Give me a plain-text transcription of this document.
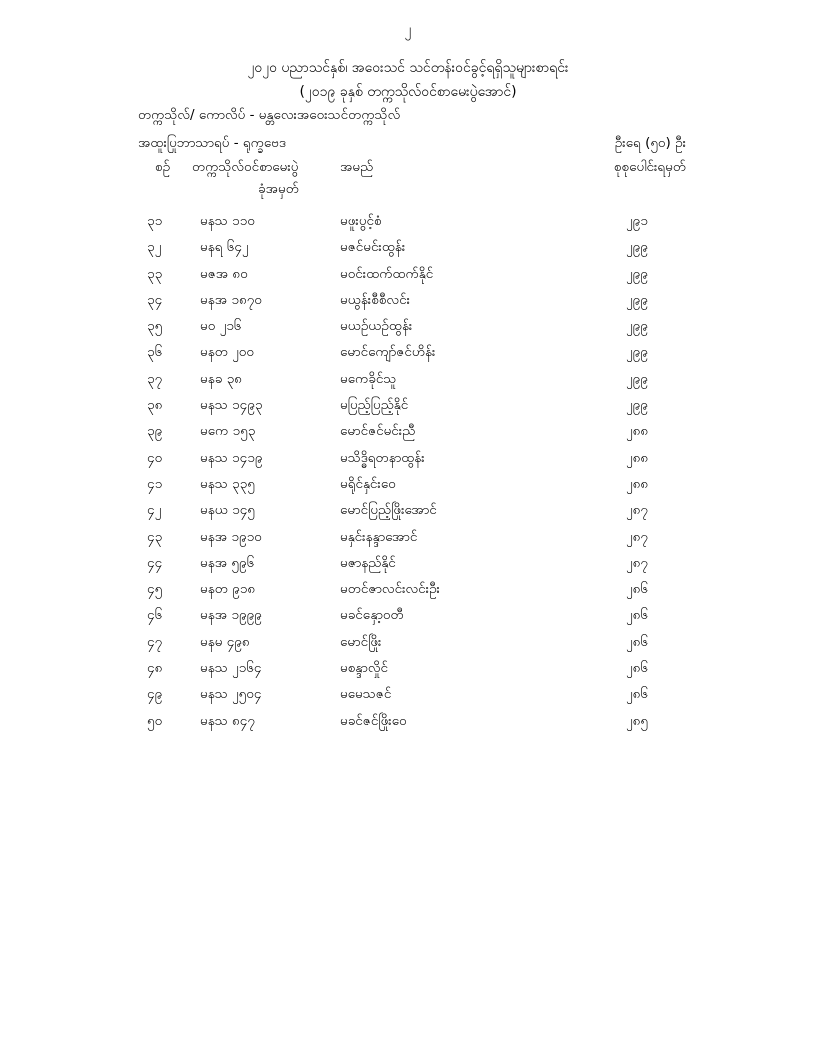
၂
၂၀၂၀ ပညာသင်နှစ်၊ အဝေးသင် သင်တန်းဝင်ခွင့်ရရှိသူများစာရင်း
(၂၀၁၉ ခုနှစ် တက္ကသိုလ်ဝင်စာမေးပွဲအောင်)
တက္ကသိုလ်/ ကောလိပ် - မန္တလေးအဝေးသင်တက္ကသိုလ်
အထူးပြုဘာသာရပ် - ရုက္ခဗေဒ	ဦးရေ (၅၀) ဦး
စဉ် တက္ကသိုလ်ဝင်စာမေးပွဲ
ခုံအမှတ်
အမည်	စုစုပေါင်းရမှတ်
၃၁	မနသ ၁၁၀	မဖူးပွင့်စံ	၂၉၁
၃၂	မနရ ၆၄၂	မဇင်မင်းထွန်း	၂၉၉
၃၃	မဇအ ၈၀	မဝင်းထက်ထက်နိုင်	၂၉၉
၃၄	မနအ ၁၈၇၀	မယွန်းစီစီလင်း	၂၉၉
၃၅	မဝ ၂၁၆	မယဉ်ယဉ်ထွန်း	၂၉၉
၃၆	မနတ ၂၀၀	မောင်ကျော်ဇင်ဟိန်း	၂၉၉
၃၇	မနခ ၃၈	မကေခိုင်သူ	၂၉၉
၃၈	မနသ ၁၄၉၃	မပြည့်ပြည့်နိုင်	၂၉၉
၃၉	မကေ ၁၅၃	မောင်ဇင်မင်းညီ	၂၈၈
၄၀	မနသ ၁၄၁၉	မသိဒ္ဓိရတနာထွန်း	၂၈၈
၄၁	မနသ ၃၃၅	မရိုင်နှင်းဝေ	၂၈၈
၄၂	မနယ ၁၄၅	မောင်ပြည့်ဖြိုးအောင်	၂၈၇
၄၃	မနအ ၁၉၁၀	မနှင်းနန္ဒာအောင်	၂၈၇
၄၄	မနအ ၅၉၆	မဇာနည်နိုင်	၂၈၇
၄၅	မနတ ၉၁၈	မတင်ဇာလင်းလင်းဦး	၂၈၆
၄၆	မနအ ၁၉၉၉	မခင်နှော့ဝတီ	၂၈၆
၄၇	မနမ ၄၉၈	မောင်ဖြိုး	၂၈၆
၄၈	မနသ ၂၁၆၄	မစန္ဒာလှိုင်	၂၈၆
၄၉	မနသ ၂၅၀၄	မမေသဇင်	၂၈၆
၅၀	မနသ ၈၄၇	မခင်ဇင်ဖြိုးဝေ	၂၈၅
